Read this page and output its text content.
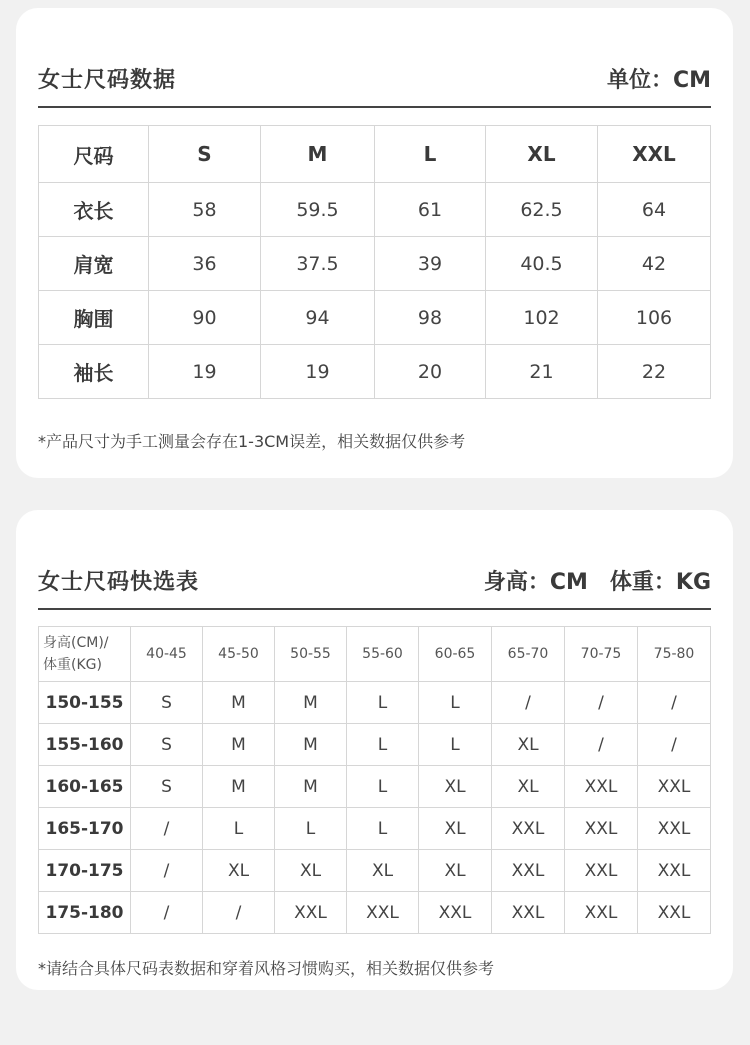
女士尺码数据	单位：CM
尺码	S	M	L	XL	XXL
衣长	58	59.5	61	62.5	64
肩宽	36	37.5	39	40.5	42
胸围	90	94	98	102	106
袖长	19	19	20	21	22
*产品尺寸为手工测量会存在1-3CM误差，相关数据仅供参考
女士尺码快选表	身高：CM 体重：KG
身高(CM)/
体重(KG)	40-45	45-50	50-55	55-60	60-65	65-70	70-75	75-80
150-155	S	M	M	L	L	/	/	/
155-160	S	M	M	L	L	XL	/	/
160-165	S	M	M	L	XL	XL	XXL	XXL
165-170	/	L	L	L	XL	XXL	XXL	XXL
170-175	/	XL	XL	XL	XL	XXL	XXL	XXL
175-180	/	/	XXL	XXL	XXL	XXL	XXL	XXL
*请结合具体尺码表数据和穿着风格习惯购买，相关数据仅供参考
